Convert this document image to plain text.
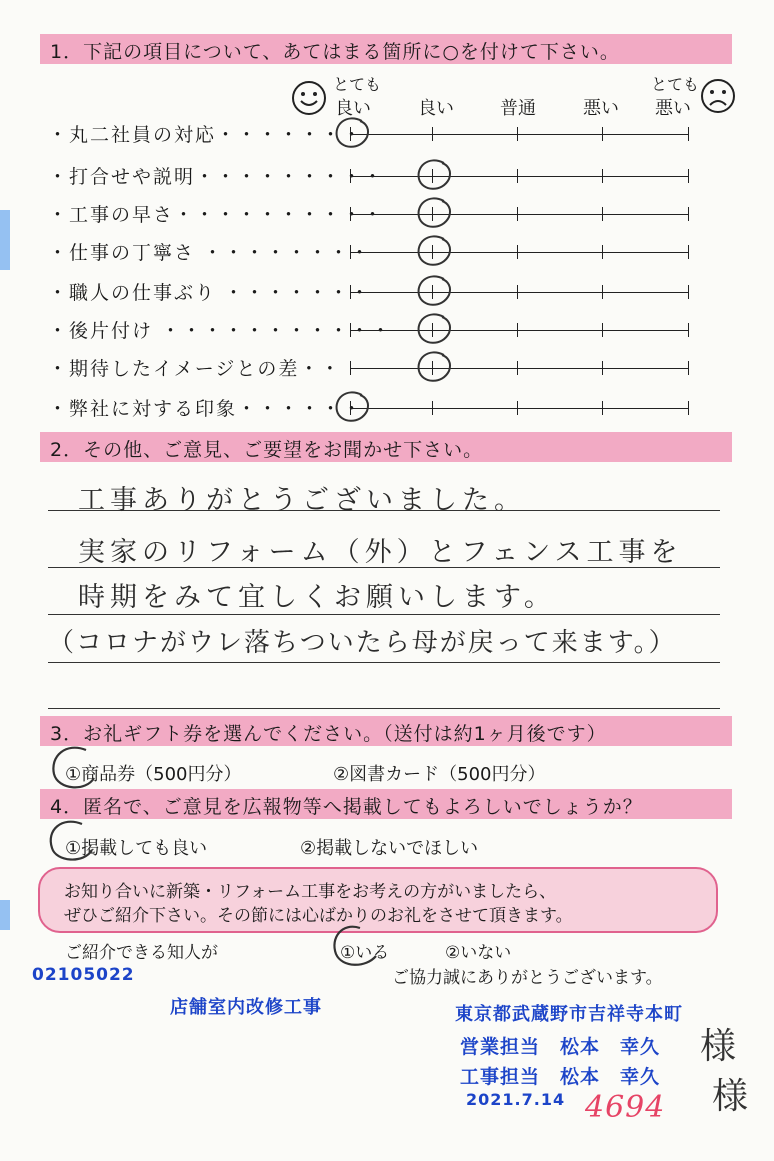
1．下記の項目について、あてはまる箇所に○を付けて下さい。
とても
良い	良い	普通	悪い
とても
悪い
・丸二社員の対応・・・・・・・
・打合せや説明・・・・・・・・・
・工事の早さ・・・・・・・・・・
・仕事の丁寧さ ・・・・・・・・
・職人の仕事ぶり ・・・・・・・
・後片付け ・・・・・・・・・・・
・期待したイメージとの差・・
・弊社に対する印象・・・・・・
2．その他、ご意見、ご要望をお聞かせ下さい。
工事ありがとうございました。
実家のリフォーム（外）とフェンス工事を
時期をみて宜しくお願いします。
（コロナがウレ落ちついたら母が戻って来ます。）
3．お礼ギフト券を選んでください。（送付は約1ヶ月後です）
①商品券（500円分）	②図書カード（500円分）
4．匿名で、ご意見を広報物等へ掲載してもよろしいでしょうか？
①掲載しても良い	②掲載しないでほしい
お知り合いに新築・リフォーム工事をお考えの方がいましたら、
ぜひご紹介下さい。その節には心ばかりのお礼をさせて頂きます。
ご紹介できる知人が	①いる	②いない
ご協力誠にありがとうございます。
02105022
店舗室内改修工事	東京都武蔵野市吉祥寺本町
営業担当　松本　幸久
工事担当　松本　幸久
2021.7.14 4694
様
様
